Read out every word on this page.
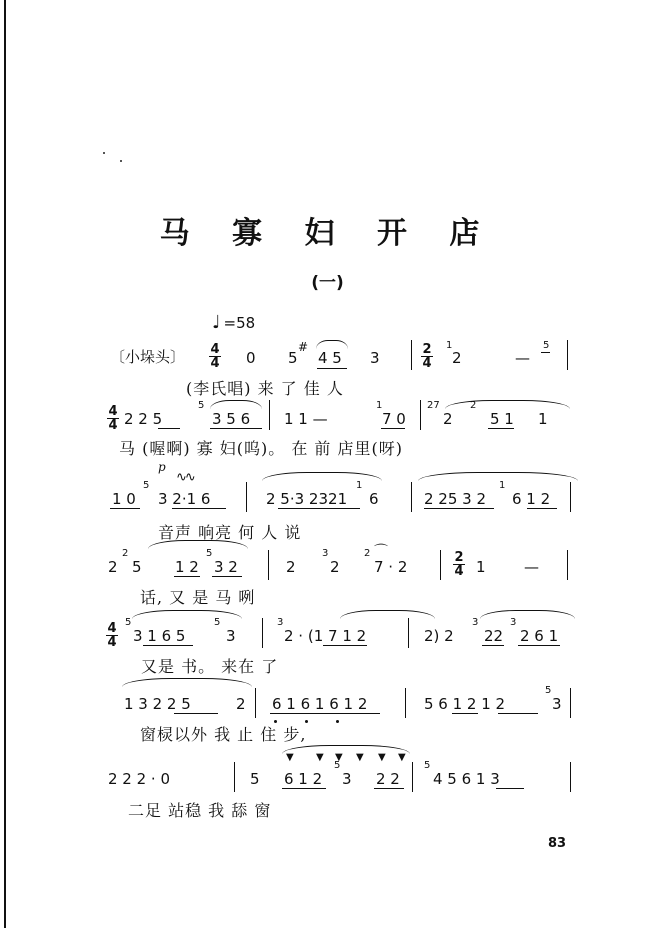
马 寡 妇 开 店
(一)
♩ =58
〔小垛头〕 $\frac{4}{4} 0$ 5
#
4 5 3	$\frac{2}{4} 1$
2	—
5
(李氏唱) 来 了 佳 人
$\frac{4}{4} 2$ 2 5
5
3 5 6 1 1 —
1
7 0
27
2
2
5 1 1
马 (喔啊) 寡 妇(呜)。 在 前 店里(呀)
p
1 0
5
3 2·1 6
∿∿
2 5·3 2321
1
6	2 25 3 2
1
6 1 2
音声 响亮 何 人 说
2
2
5 1 2
5
3 2	2
3
2
2 ⌒
7 · 2	$\frac{2}{4} 1$	—
话, 又 是 马 咧
$\frac{4}{4} 5$
3 1 6 5
5
3
3
2 · (1 7 1 2	2) 2
3
22
3
2 6 1
又是 书。 来在 了
1 3 2 2 5	2 6 1 6 1 6 1 2	5 6 1 2 1 2
5
3
窗棂以外 我 止 住 步,
2 2 2 · 0	5
▼ ▼ ▼ ▼ ▼ ▼
6 1 2
5
3 2 2
5
4 5 6 1 3
二足 站稳 我 舔 窗
83
